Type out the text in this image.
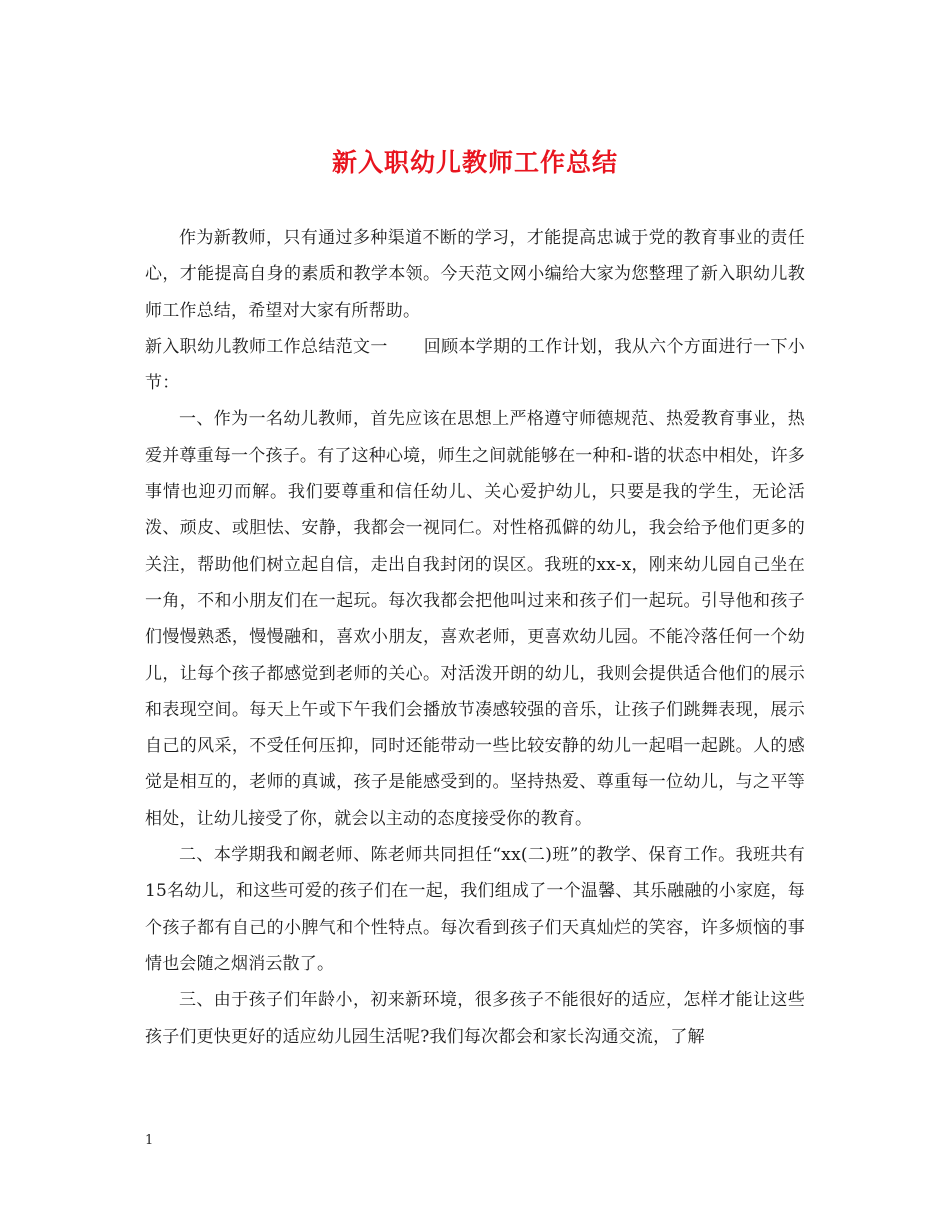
新入职幼儿教师工作总结

作为新教师，只有通过多种渠道不断的学习，才能提高忠诚于党的教育事业的责任心，才能提高自身的素质和教学本领。今天范文网小编给大家为您整理了新入职幼儿教师工作总结，希望对大家有所帮助。

新入职幼儿教师工作总结范文一 回顾本学期的工作计划，我从六个方面进行一下小节：

一、作为一名幼儿教师，首先应该在思想上严格遵守师德规范、热爱教育事业，热爱并尊重每一个孩子。有了这种心境，师生之间就能够在一种和-谐的状态中相处，许多事情也迎刃而解。我们要尊重和信任幼儿、关心爱护幼儿，只要是我的学生，无论活泼、顽皮、或胆怯、安静，我都会一视同仁。对性格孤僻的幼儿，我会给予他们更多的关注，帮助他们树立起自信，走出自我封闭的误区。我班的xx-x，刚来幼儿园自己坐在一角，不和小朋友们在一起玩。每次我都会把他叫过来和孩子们一起玩。引导他和孩子们慢慢熟悉，慢慢融和，喜欢小朋友，喜欢老师，更喜欢幼儿园。不能冷落任何一个幼儿，让每个孩子都感觉到老师的关心。对活泼开朗的幼儿，我则会提供适合他们的展示和表现空间。每天上午或下午我们会播放节凑感较强的音乐，让孩子们跳舞表现，展示自己的风采，不受任何压抑，同时还能带动一些比较安静的幼儿一起唱一起跳。人的感觉是相互的，老师的真诚，孩子是能感受到的。坚持热爱、尊重每一位幼儿，与之平等相处，让幼儿接受了你，就会以主动的态度接受你的教育。

二、本学期我和阚老师、陈老师共同担任“xx(二)班”的教学、保育工作。我班共有15名幼儿，和这些可爱的孩子们在一起，我们组成了一个温馨、其乐融融的小家庭，每个孩子都有自己的小脾气和个性特点。每次看到孩子们天真灿烂的笑容，许多烦恼的事情也会随之烟消云散了。

三、由于孩子们年龄小，初来新环境，很多孩子不能很好的适应，怎样才能让这些孩子们更快更好的适应幼儿园生活呢?我们每次都会和家长沟通交流，了解

1
